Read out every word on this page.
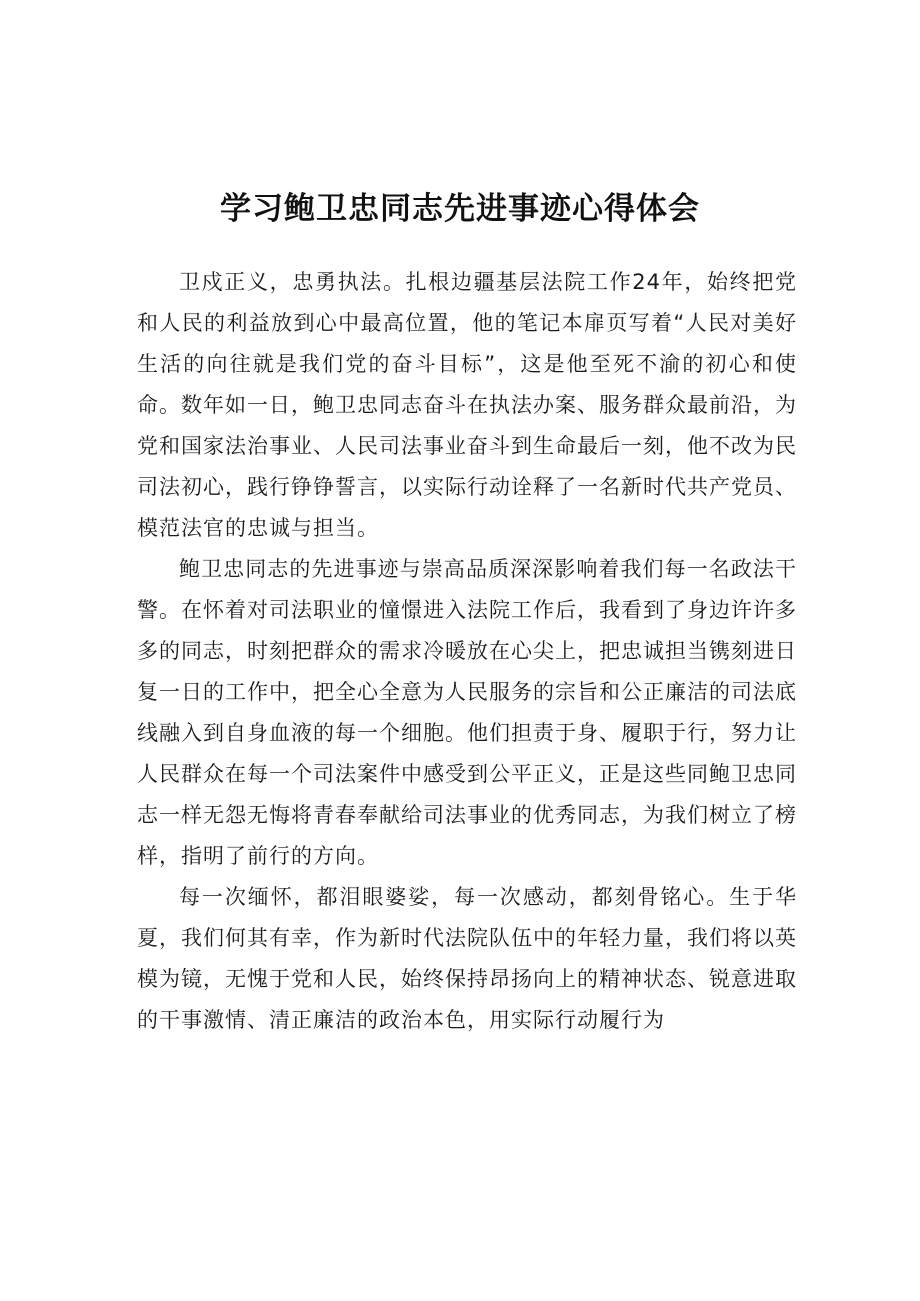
学习鲍卫忠同志先进事迹心得体会

卫戍正义，忠勇执法。扎根边疆基层法院工作24年，始终把党和人民的利益放到心中最高位置，他的笔记本扉页写着“人民对美好生活的向往就是我们党的奋斗目标”，这是他至死不渝的初心和使命。数年如一日，鲍卫忠同志奋斗在执法办案、服务群众最前沿，为党和国家法治事业、人民司法事业奋斗到生命最后一刻，他不改为民司法初心，践行铮铮誓言，以实际行动诠释了一名新时代共产党员、模范法官的忠诚与担当。

鲍卫忠同志的先进事迹与崇高品质深深影响着我们每一名政法干警。在怀着对司法职业的憧憬进入法院工作后，我看到了身边许许多多的同志，时刻把群众的需求冷暖放在心尖上，把忠诚担当镌刻进日复一日的工作中，把全心全意为人民服务的宗旨和公正廉洁的司法底线融入到自身血液的每一个细胞。他们担责于身、履职于行，努力让人民群众在每一个司法案件中感受到公平正义，正是这些同鲍卫忠同志一样无怨无悔将青春奉献给司法事业的优秀同志，为我们树立了榜样，指明了前行的方向。

每一次缅怀，都泪眼婆娑，每一次感动，都刻骨铭心。生于华夏，我们何其有幸，作为新时代法院队伍中的年轻力量，我们将以英模为镜，无愧于党和人民，始终保持昂扬向上的精神状态、锐意进取的干事激情、清正廉洁的政治本色，用实际行动履行为
